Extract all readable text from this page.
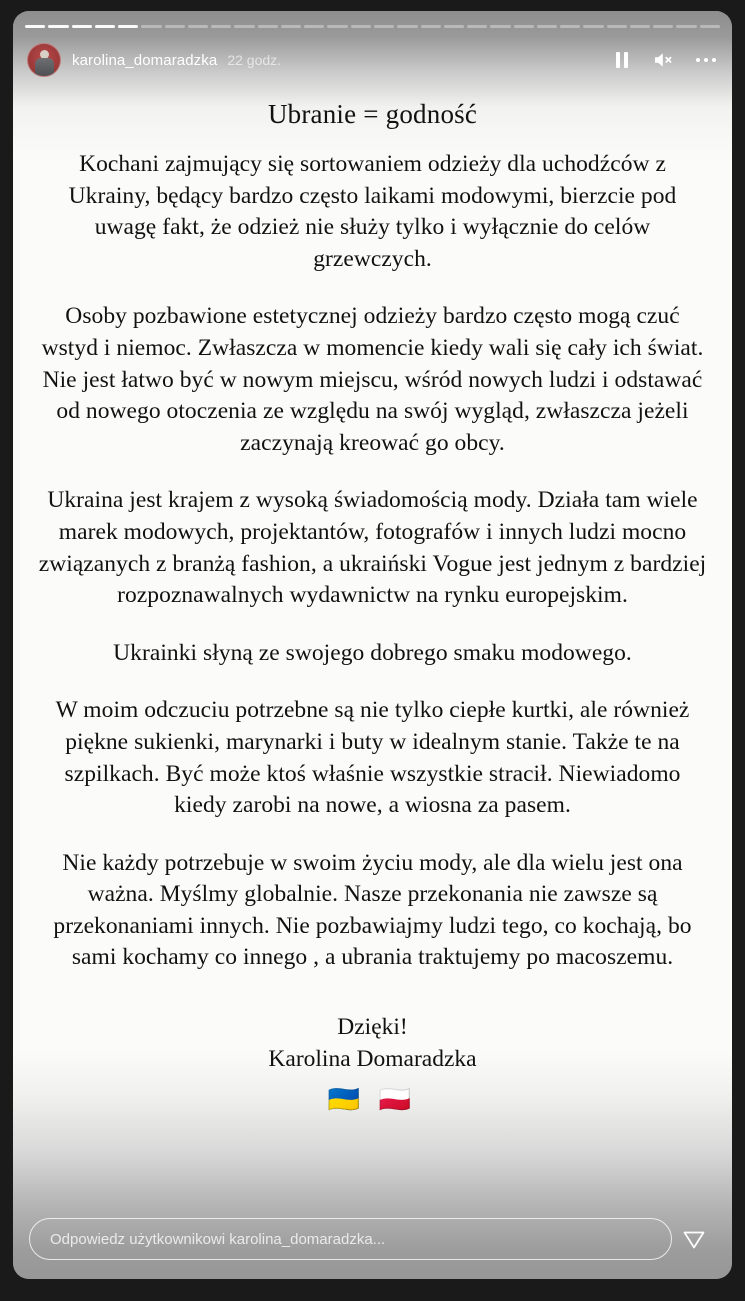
karolina_domaradzka 22 godz.
Ubranie = godność

Kochani zajmujący się sortowaniem odzieży dla uchodźców z Ukrainy, będący bardzo często laikami modowymi, bierzcie pod uwagę fakt, że odzież nie służy tylko i wyłącznie do celów grzewczych.

Osoby pozbawione estetycznej odzieży bardzo często mogą czuć wstyd i niemoc. Zwłaszcza w momencie kiedy wali się cały ich świat. Nie jest łatwo być w nowym miejscu, wśród nowych ludzi i odstawać od nowego otoczenia ze względu na swój wygląd, zwłaszcza jeżeli zaczynają kreować go obcy.

Ukraina jest krajem z wysoką świadomością mody. Działa tam wiele marek modowych, projektantów, fotografów i innych ludzi mocno związanych z branżą fashion, a ukraiński Vogue jest jednym z bardziej rozpoznawalnych wydawnictw na rynku europejskim.

Ukrainki słyną ze swojego dobrego smaku modowego.

W moim odczuciu potrzebne są nie tylko ciepłe kurtki, ale również piękne sukienki, marynarki i buty w idealnym stanie. Także te na szpilkach. Być może ktoś właśnie wszystkie stracił. Niewiadomo kiedy zarobi na nowe, a wiosna za pasem.

Nie każdy potrzebuje w swoim życiu mody, ale dla wielu jest ona ważna. Myślmy globalnie. Nasze przekonania nie zawsze są przekonaniami innych. Nie pozbawiajmy ludzi tego, co kochają, bo sami kochamy co innego , a ubrania traktujemy po macoszemu.

Dzięki!
Karolina Domaradzka
🇺🇦 🇵🇱
Odpowiedz użytkownikowi karolina_domaradzka...
